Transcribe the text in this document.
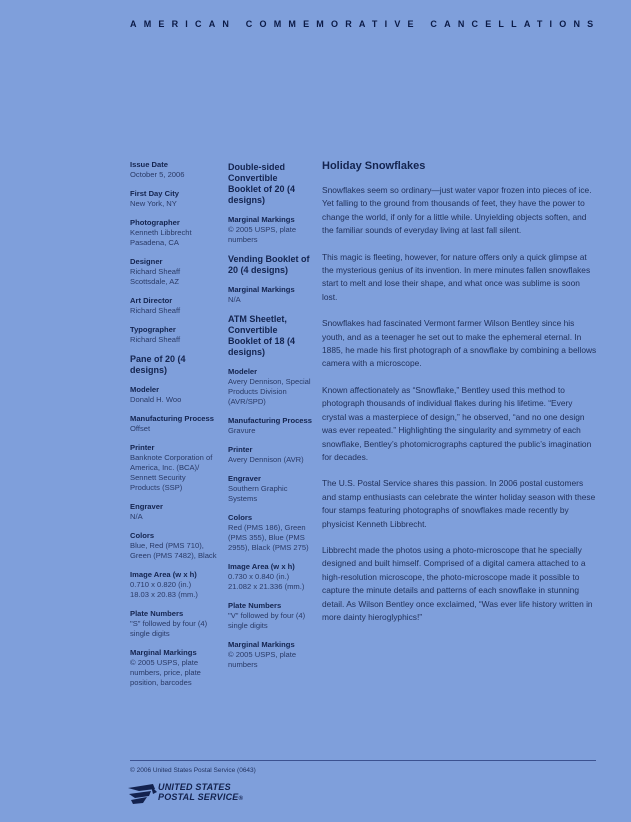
AMERICAN COMMEMORATIVE CANCELLATIONS
Issue Date
October 5, 2006
First Day City
New York, NY
Photographer
Kenneth Libbrecht
Pasadena, CA
Designer
Richard Sheaff
Scottsdale, AZ
Art Director
Richard Sheaff
Typographer
Richard Sheaff
Pane of 20 (4 designs)
Modeler
Donald H. Woo
Manufacturing Process
Offset
Printer
Banknote Corporation of
America, Inc. (BCA)/
Sennett Security
Products (SSP)
Engraver
N/A
Colors
Blue, Red (PMS 710),
Green (PMS 7482), Black
Image Area (w x h)
0.710 x 0.820 (in.)
18.03 x 20.83 (mm.)
Plate Numbers
"S" followed by four (4)
single digits
Marginal Markings
© 2005 USPS, plate
numbers, price, plate
position, barcodes
Double-sided Convertible Booklet of 20 (4 designs)
Marginal Markings
© 2005 USPS, plate
numbers
Vending Booklet of 20 (4 designs)
Marginal Markings
N/A
ATM Sheetlet, Convertible Booklet of 18 (4 designs)
Modeler
Avery Dennison, Special
Products Division
(AVR/SPD)
Manufacturing Process
Gravure
Printer
Avery Dennison (AVR)
Engraver
Southern Graphic
Systems
Colors
Red (PMS 186), Green
(PMS 355), Blue (PMS
2955), Black (PMS 275)
Image Area (w x h)
0.730 x 0.840 (in.)
21.082 x 21.336 (mm.)
Plate Numbers
"V" followed by four (4)
single digits
Marginal Markings
© 2005 USPS, plate
numbers
Holiday Snowflakes

Snowflakes seem so ordinary—just water vapor frozen into pieces of ice. Yet falling to the ground from thousands of feet, they have the power to change the world, if only for a little while. Unyielding objects soften, and the familiar sounds of everyday living at last fall silent.

This magic is fleeting, however, for nature offers only a quick glimpse at the mysterious genius of its invention. In mere minutes fallen snowflakes start to melt and lose their shape, and what once was sublime is soon lost.

Snowflakes had fascinated Vermont farmer Wilson Bentley since his youth, and as a teenager he set out to make the ephemeral eternal. In 1885, he made his first photograph of a snowflake by combining a bellows camera with a microscope.

Known affectionately as “Snowflake,” Bentley used this method to photograph thousands of individual flakes during his lifetime. “Every crystal was a masterpiece of design,” he observed, “and no one design was ever repeated.” Highlighting the singularity and symmetry of each snowflake, Bentley’s photomicrographs captured the public’s imagination for decades.

The U.S. Postal Service shares this passion. In 2006 postal customers and stamp enthusiasts can celebrate the winter holiday season with these four stamps featuring photographs of snowflakes made recently by physicist Kenneth Libbrecht.

Libbrecht made the photos using a photo-microscope that he specially designed and built himself. Comprised of a digital camera attached to a high-resolution microscope, the photo-microscope made it possible to capture the minute details and patterns of each snowflake in stunning detail. As Wilson Bentley once exclaimed, “Was ever life history written in more dainty hieroglyphics!”

© 2006 United States Postal Service (0643)
UNITED STATES
POSTAL SERVICE®
